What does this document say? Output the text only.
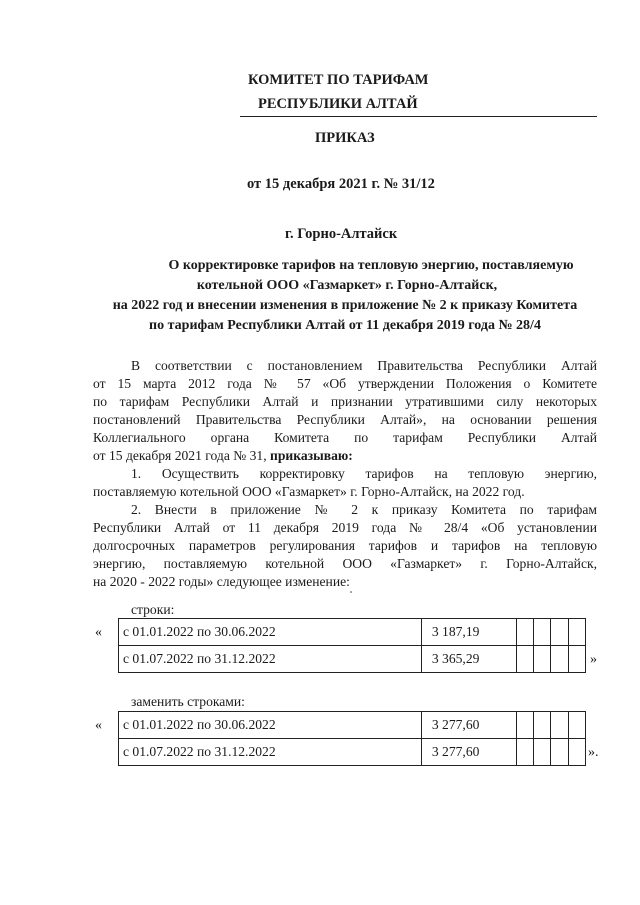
КОМИТЕТ ПО ТАРИФАМ
РЕСПУБЛИКИ АЛТАЙ
ПРИКАЗ
от 15 декабря 2021 г. № 31/12
г. Горно-Алтайск
О корректировке тарифов на тепловую энергию, поставляемую
котельной ООО «Газмаркет» г. Горно-Алтайск,
на 2022 год и внесении изменения в приложение № 2 к приказу Комитета
по тарифам Республики Алтай от 11 декабря 2019 года № 28/4
В соответствии с постановлением Правительства Республики Алтай
от 15 марта 2012 года № 57 «Об утверждении Положения о Комитете
по тарифам Республики Алтай и признании утратившими силу некоторых
постановлений Правительства Республики Алтай», на основании решения
Коллегиального органа Комитета по тарифам Республики Алтай
от 15 декабря 2021 года № 31, приказываю:
1. Осуществить корректировку тарифов на тепловую энергию,
поставляемую котельной ООО «Газмаркет» г. Горно-Алтайск, на 2022 год.
2. Внести в приложение № 2 к приказу Комитета по тарифам
Республики Алтай от 11 декабря 2019 года № 28/4 «Об установлении
долгосрочных параметров регулирования тарифов и тарифов на тепловую
энергию, поставляемую котельной ООО «Газмаркет» г. Горно-Алтайск,
на 2020 - 2022 годы» следующее изменение:
строки:
« с 01.01.2022 по 30.06.2022	3 187,19				
с 01.07.2022 по 31.12.2022	3 365,29					»
заменить строками:
« с 01.01.2022 по 30.06.2022	3 277,60				
с 01.07.2022 по 31.12.2022	3 277,60					».
